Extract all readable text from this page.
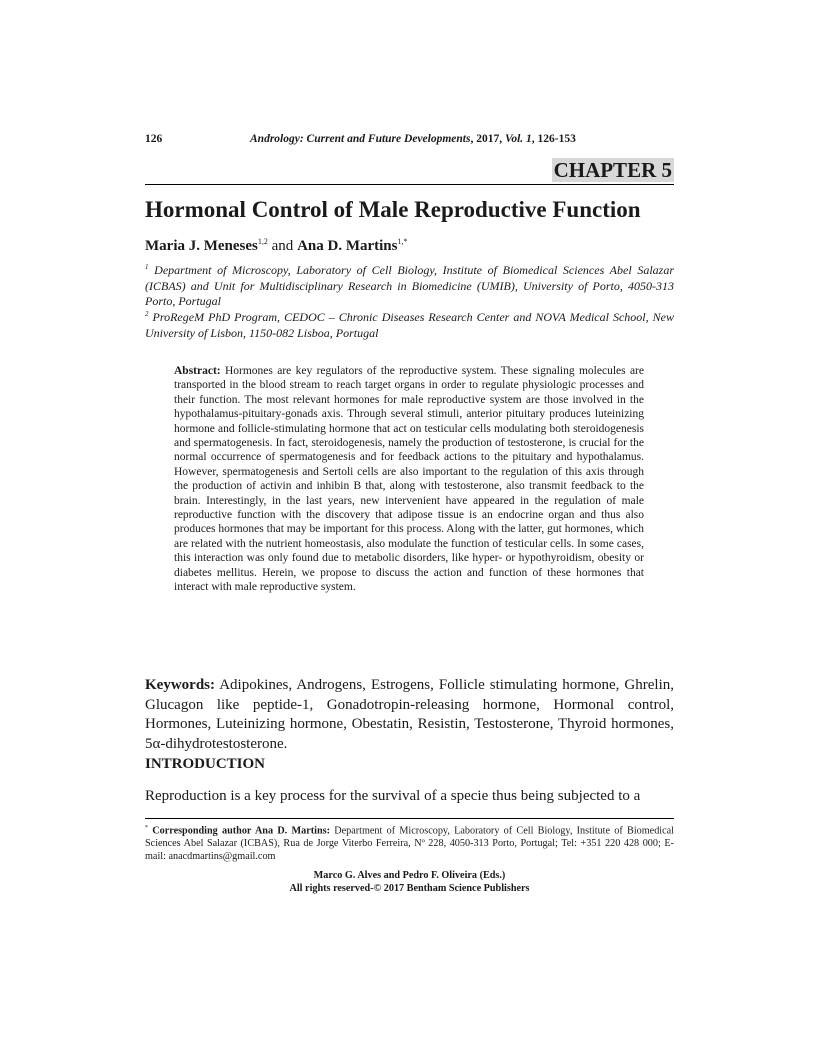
126	Andrology: Current and Future Developments, 2017, Vol. 1, 126-153
CHAPTER 5
Hormonal Control of Male Reproductive Function
Maria J. Meneses$^{1,2}$ and Ana D. Martins$^{1,*}$
$^1$ Department of Microscopy, Laboratory of Cell Biology, Institute of Biomedical Sciences Abel Salazar (ICBAS) and Unit for Multidisciplinary Research in Biomedicine (UMIB), University of Porto, 4050-313 Porto, Portugal
$^2$ ProRegeM PhD Program, CEDOC – Chronic Diseases Research Center and NOVA Medical School, New University of Lisbon, 1150-082 Lisboa, Portugal
Abstract: Hormones are key regulators of the reproductive system. These signaling molecules are transported in the blood stream to reach target organs in order to regulate physiologic processes and their function. The most relevant hormones for male reproductive system are those involved in the hypothalamus-pituitary-gonads axis. Through several stimuli, anterior pituitary produces luteinizing hormone and follicle-stimulating hormone that act on testicular cells modulating both steroidogenesis and spermatogenesis. In fact, steroidogenesis, namely the production of testosterone, is crucial for the normal occurrence of spermatogenesis and for feedback actions to the pituitary and hypothalamus. However, spermatogenesis and Sertoli cells are also important to the regulation of this axis through the production of activin and inhibin B that, along with testosterone, also transmit feedback to the brain. Interestingly, in the last years, new intervenient have appeared in the regulation of male reproductive function with the discovery that adipose tissue is an endocrine organ and thus also produces hormones that may be important for this process. Along with the latter, gut hormones, which are related with the nutrient homeostasis, also modulate the function of testicular cells. In some cases, this interaction was only found due to metabolic disorders, like hyper- or hypothyroidism, obesity or diabetes mellitus. Herein, we propose to discuss the action and function of these hormones that interact with male reproductive system.
Keywords: Adipokines, Androgens, Estrogens, Follicle stimulating hormone, Ghrelin, Glucagon like peptide-1, Gonadotropin-releasing hormone, Hormonal control, Hormones, Luteinizing hormone, Obestatin, Resistin, Testosterone, Thyroid hormones, 5α-dihydrotestosterone.
INTRODUCTION
Reproduction is a key process for the survival of a specie thus being subjected to a
* Corresponding author Ana D. Martins: Department of Microscopy, Laboratory of Cell Biology, Institute of Biomedical Sciences Abel Salazar (ICBAS), Rua de Jorge Viterbo Ferreira, Nº 228, 4050-313 Porto, Portugal; Tel: +351 220 428 000; E-mail: anacdmartins@gmail.com
Marco G. Alves and Pedro F. Oliveira (Eds.)
All rights reserved-© 2017 Bentham Science Publishers
